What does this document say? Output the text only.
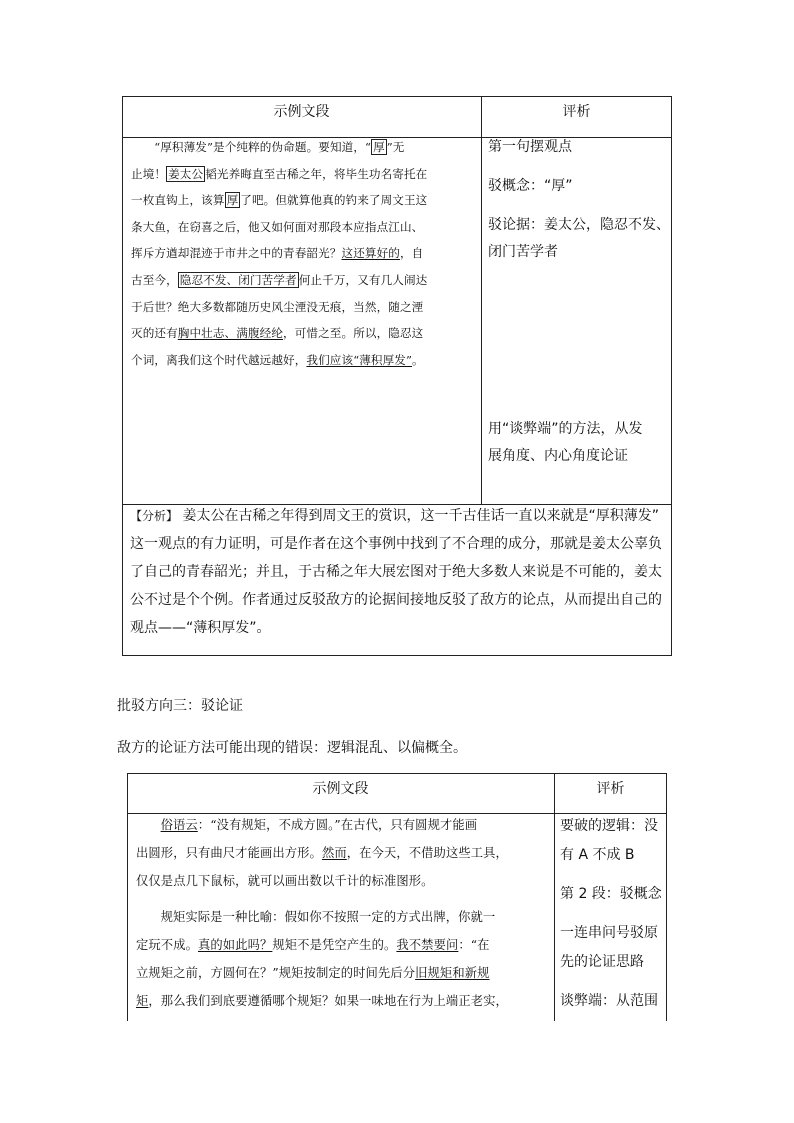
示例文段	评析

“厚积薄发”是个纯粹的伪命题。要知道，“ 厚 ”无

止境！ 姜太公 韬光养晦直至古稀之年，将毕生功名寄托在

一枚直钩上，该算 厚 了吧。但就算他真的钓来了周文王这

条大鱼，在窃喜之后，他又如何面对那段本应指点江山、

挥斥方遒却混迹于市井之中的青春韶光？这还算好的，自

古至今， 隐忍不发、闭门苦学者 何止千万，又有几人闹达

于后世？绝大多数都随历史风尘湮没无痕，当然，随之湮

灭的还有胸中壮志、满腹经纶，可惜之至。所以，隐忍这

个词，离我们这个时代越远越好，我们应该“薄积厚发”。

第一句摆观点

驳概念：“厚”

驳论据：姜太公，隐忍不发、

闭门苦学者

用“谈弊端”的方法，从发

展角度、内心角度论证

【分析】 姜太公在古稀之年得到周文王的赏识，这一千古佳话一直以来就是“厚积薄发”

这一观点的有力证明，可是作者在这个事例中找到了不合理的成分，那就是姜太公辜负

了自己的青春韶光；并且，于古稀之年大展宏图对于绝大多数人来说是不可能的，姜太

公不过是个个例。作者通过反驳敌方的论据间接地反驳了敌方的论点，从而提出自己的

观点——“薄积厚发”。

批驳方向三：驳论证
敌方的论证方法可能出现的错误：逻辑混乱、以偏概全。
示例文段	评析

俗语云：“没有规矩，不成方圆。”在古代，只有圆规才能画

出圆形，只有曲尺才能画出方形。然而，在今天，不借助这些工具，

仅仅是点几下鼠标，就可以画出数以千计的标准图形。

规矩实际是一种比喻：假如你不按照一定的方式出牌，你就一

定玩不成。真的如此吗？规矩不是凭空产生的。我不禁要问：“在

立规矩之前，方圆何在？”规矩按制定的时间先后分旧规矩和新规

矩，那么我们到底要遵循哪个规矩？如果一味地在行为上端正老实，

要破的逻辑：没

有 A 不成 B

第 2 段：驳概念

一连串问号驳原

先的论证思路

谈弊端：从范围
